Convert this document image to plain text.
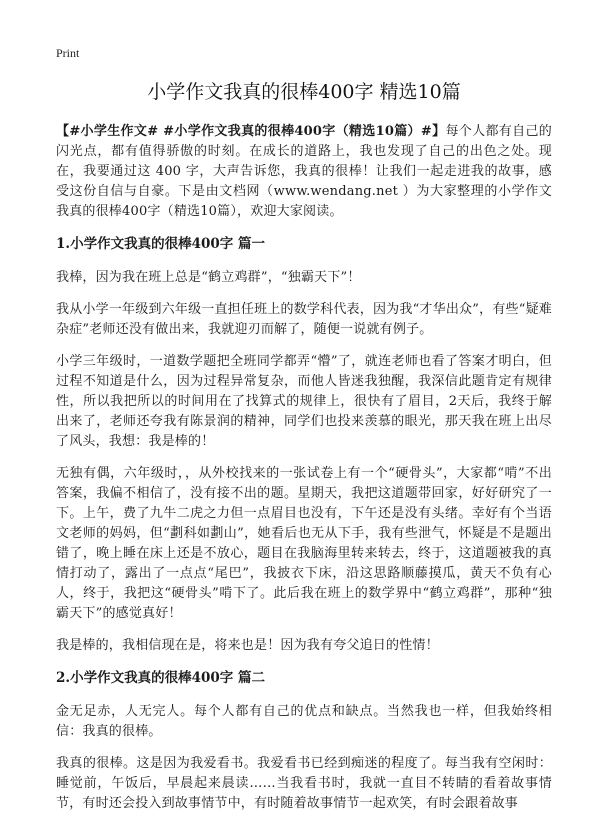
Print
小学作文我真的很棒400字 精选10篇

【#小学生作文# #小学作文我真的很棒400字（精选10篇）#】每个人都有自己的闪光点，都有值得骄傲的时刻。在成长的道路上，我也发现了自己的出色之处。现在，我要通过这 400 字，大声告诉您，我真的很棒！让我们一起走进我的故事，感受这份自信与自豪。下是由文档网（www.wendang.net ）为大家整理的小学作文我真的很棒400字（精选10篇），欢迎大家阅读。

1.小学作文我真的很棒400字 篇一

我棒，因为我在班上总是“鹤立鸡群”，“独霸天下”！

我从小学一年级到六年级一直担任班上的数学科代表，因为我“才华出众”，有些“疑难杂症”老师还没有做出来，我就迎刃而解了，随便一说就有例子。

小学三年级时，一道数学题把全班同学都弄“懵”了，就连老师也看了答案才明白，但过程不知道是什么，因为过程异常复杂，而他人皆迷我独醒，我深信此题肯定有规律性，所以我把所以的时间用在了找算式的规律上，很快有了眉目，2天后，我终于解出来了，老师还夸我有陈景润的精神，同学们也投来羡慕的眼光，那天我在班上出尽了风头，我想：我是棒的！

无独有偶，六年级时，，从外校找来的一张试卷上有一个“硬骨头”，大家都“啃”不出答案，我偏不相信了，没有接不出的题。星期天，我把这道题带回家，好好研究了一下。上午，费了九牛二虎之力但一点眉目也没有，下午还是没有头绪。幸好有个当语文老师的妈妈，但“劃科如劃山”，她看后也无从下手，我有些泄气，怀疑是不是题出错了，晚上睡在床上还是不放心，题目在我脑海里转来转去，终于，这道题被我的真情打动了，露出了一点点“尾巴”，我披衣下床，沿这思路顺藤摸瓜，黄天不负有心人，终于，我把这“硬骨头”啃下了。此后我在班上的数学界中“鹤立鸡群”，那种“独霸天下”的感觉真好！

我是棒的，我相信现在是，将来也是！因为我有夸父追日的性情！

2.小学作文我真的很棒400字 篇二

金无足赤，人无完人。每个人都有自己的优点和缺点。当然我也一样，但我始终相信：我真的很棒。

我真的很棒。这是因为我爱看书。我爱看书已经到痴迷的程度了。每当我有空闲时：睡觉前，午饭后，早晨起来晨读……当我看书时，我就一直目不转睛的看着故事情节，有时还会投入到故事情节中，有时随着故事情节一起欢笑，有时会跟着故事
